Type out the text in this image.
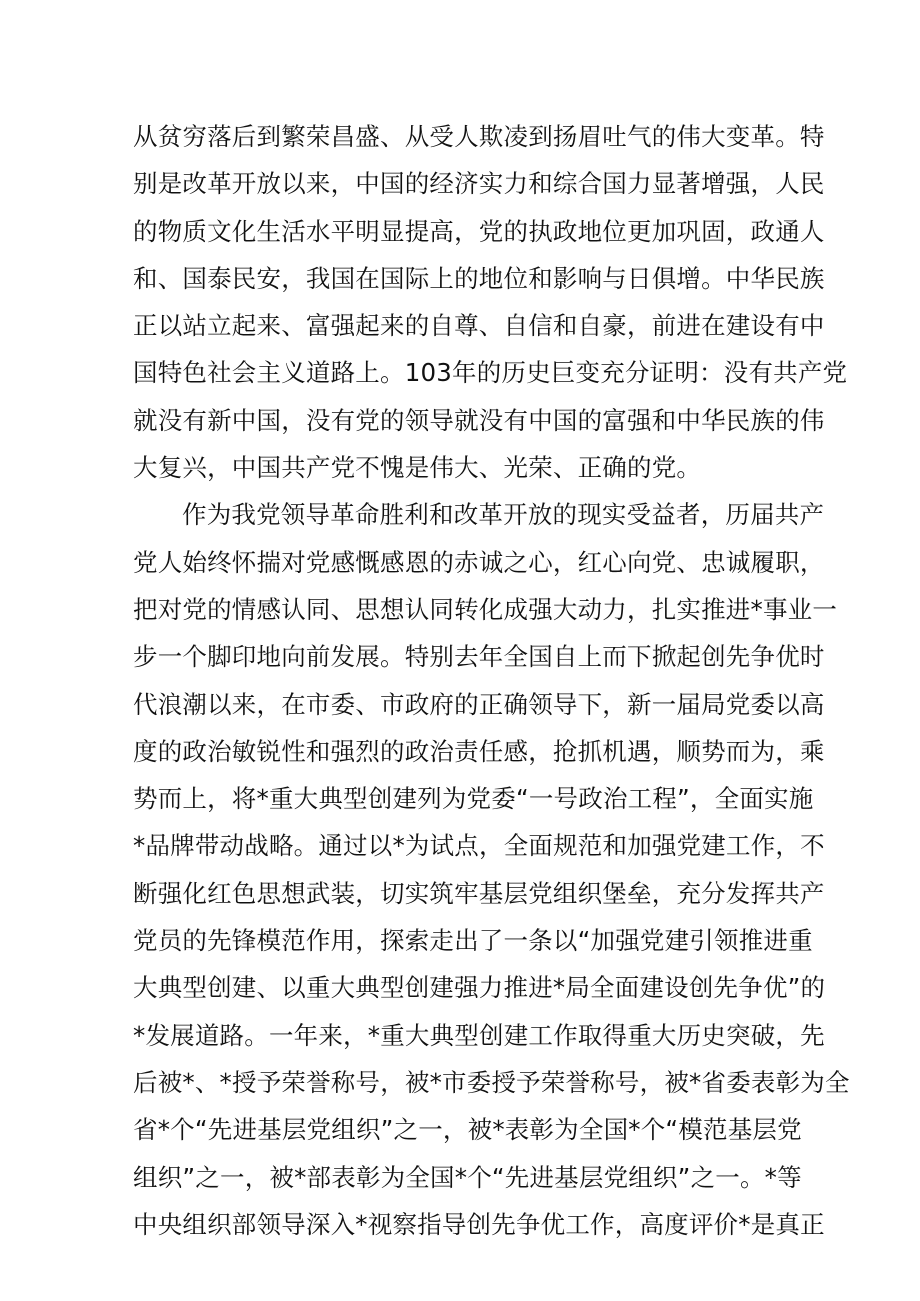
从贫穷落后到繁荣昌盛、从受人欺凌到扬眉吐气的伟大变革。特
别是改革开放以来，中国的经济实力和综合国力显著增强，人民
的物质文化生活水平明显提高，党的执政地位更加巩固，政通人
和、国泰民安，我国在国际上的地位和影响与日俱增。中华民族
正以站立起来、富强起来的自尊、自信和自豪，前进在建设有中
国特色社会主义道路上。103年的历史巨变充分证明：没有共产党
就没有新中国，没有党的领导就没有中国的富强和中华民族的伟
大复兴，中国共产党不愧是伟大、光荣、正确的党。
作为我党领导革命胜利和改革开放的现实受益者，历届共产
党人始终怀揣对党感慨感恩的赤诚之心，红心向党、忠诚履职，
把对党的情感认同、思想认同转化成强大动力，扎实推进*事业一
步一个脚印地向前发展。特别去年全国自上而下掀起创先争优时
代浪潮以来，在市委、市政府的正确领导下，新一届局党委以高
度的政治敏锐性和强烈的政治责任感，抢抓机遇，顺势而为，乘
势而上，将*重大典型创建列为党委“一号政治工程”，全面实施
*品牌带动战略。通过以*为试点，全面规范和加强党建工作，不
断强化红色思想武装，切实筑牢基层党组织堡垒，充分发挥共产
党员的先锋模范作用，探索走出了一条以“加强党建引领推进重
大典型创建、以重大典型创建强力推进*局全面建设创先争优”的
*发展道路。一年来，*重大典型创建工作取得重大历史突破，先
后被*、*授予荣誉称号，被*市委授予荣誉称号，被*省委表彰为全
省*个“先进基层党组织”之一，被*表彰为全国*个“模范基层党
组织”之一，被*部表彰为全国*个“先进基层党组织”之一。*等
中央组织部领导深入*视察指导创先争优工作，高度评价*是真正
